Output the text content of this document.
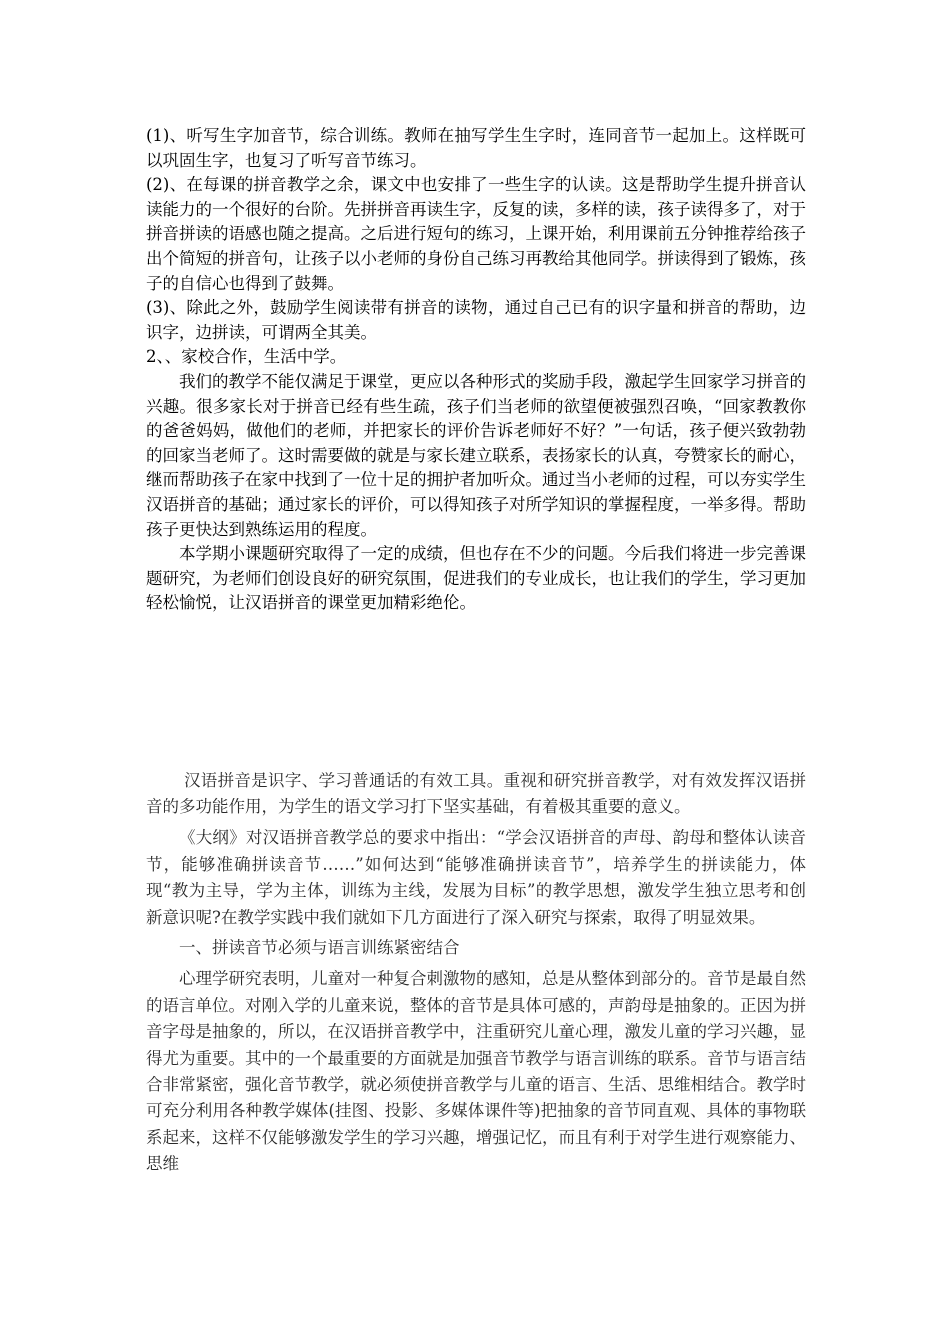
(1)、听写生字加音节，综合训练。教师在抽写学生生字时，连同音节一起加上。这样既可以巩固生字，也复习了听写音节练习。

(2)、在每课的拼音教学之余，课文中也安排了一些生字的认读。这是帮助学生提升拼音认读能力的一个很好的台阶。先拼拼音再读生字，反复的读，多样的读，孩子读得多了，对于拼音拼读的语感也随之提高。之后进行短句的练习，上课开始，利用课前五分钟推荐给孩子出个简短的拼音句，让孩子以小老师的身份自己练习再教给其他同学。拼读得到了锻炼，孩子的自信心也得到了鼓舞。

(3)、除此之外，鼓励学生阅读带有拼音的读物，通过自己已有的识字量和拼音的帮助，边识字，边拼读，可谓两全其美。

2、、家校合作，生活中学。

我们的教学不能仅满足于课堂，更应以各种形式的奖励手段，激起学生回家学习拼音的兴趣。很多家长对于拼音已经有些生疏，孩子们当老师的欲望便被强烈召唤，“回家教教你的爸爸妈妈，做他们的老师，并把家长的评价告诉老师好不好？”一句话，孩子便兴致勃勃的回家当老师了。这时需要做的就是与家长建立联系，表扬家长的认真，夸赞家长的耐心，继而帮助孩子在家中找到了一位十足的拥护者加听众。通过当小老师的过程，可以夯实学生汉语拼音的基础；通过家长的评价，可以得知孩子对所学知识的掌握程度，一举多得。帮助孩子更快达到熟练运用的程度。

本学期小课题研究取得了一定的成绩，但也存在不少的问题。今后我们将进一步完善课题研究，为老师们创设良好的研究氛围，促进我们的专业成长，也让我们的学生，学习更加轻松愉悦，让汉语拼音的课堂更加精彩绝伦。

汉语拼音是识字、学习普通话的有效工具。重视和研究拼音教学，对有效发挥汉语拼音的多功能作用，为学生的语文学习打下坚实基础，有着极其重要的意义。

《大纲》对汉语拼音教学总的要求中指出：“学会汉语拼音的声母、韵母和整体认读音节，能够准确拼读音节……”如何达到“能够准确拼读音节”，培养学生的拼读能力，体现“教为主导，学为主体，训练为主线，发展为目标”的教学思想，激发学生独立思考和创新意识呢?在教学实践中我们就如下几方面进行了深入研究与探索，取得了明显效果。

一、拼读音节必须与语言训练紧密结合

心理学研究表明，儿童对一种复合刺激物的感知，总是从整体到部分的。音节是最自然的语言单位。对刚入学的儿童来说，整体的音节是具体可感的，声韵母是抽象的。正因为拼音字母是抽象的，所以，在汉语拼音教学中，注重研究儿童心理，激发儿童的学习兴趣，显得尤为重要。其中的一个最重要的方面就是加强音节教学与语言训练的联系。音节与语言结合非常紧密，强化音节教学，就必须使拼音教学与儿童的语言、生活、思维相结合。教学时可充分利用各种教学媒体(挂图、投影、多媒体课件等)把抽象的音节同直观、具体的事物联系起来，这样不仅能够激发学生的学习兴趣，增强记忆，而且有利于对学生进行观察能力、思维
